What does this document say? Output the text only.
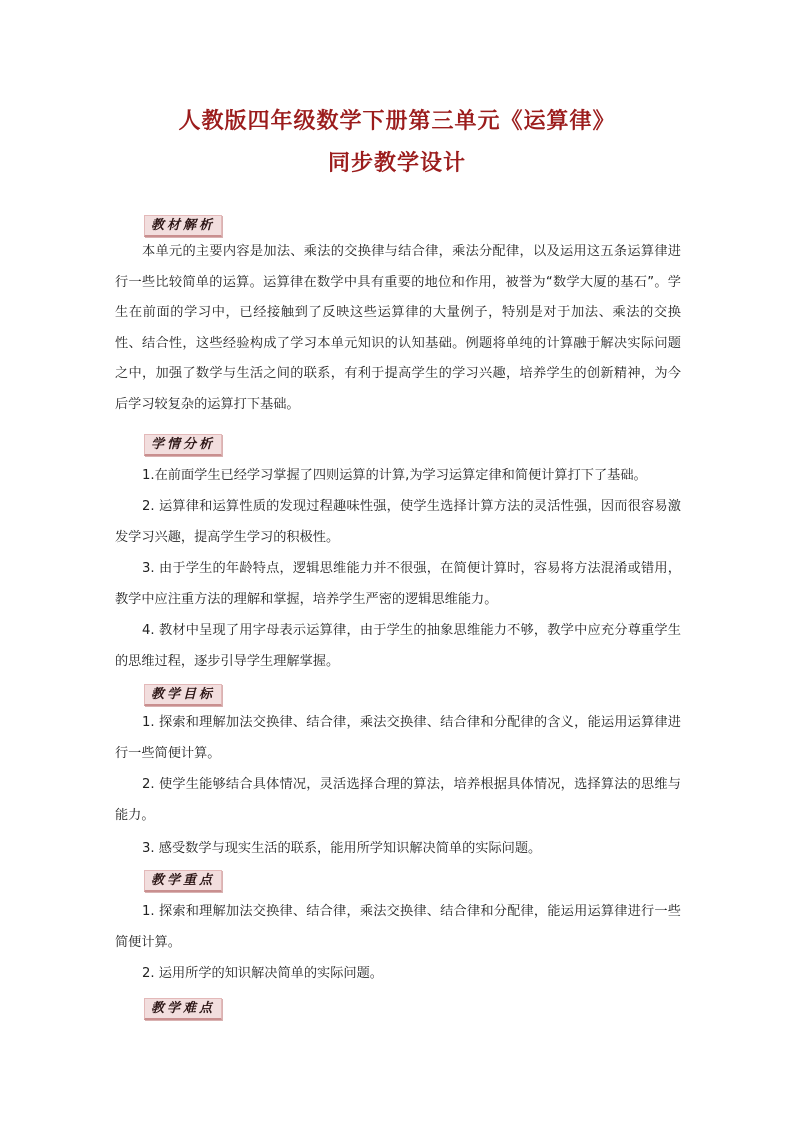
人教版四年级数学下册第三单元《运算律》
同步教学设计
教材解析

本单元的主要内容是加法、乘法的交换律与结合律，乘法分配律，以及运用这五条运算律进行一些比较简单的运算。运算律在数学中具有重要的地位和作用，被誉为“数学大厦的基石”。学生在前面的学习中，已经接触到了反映这些运算律的大量例子，特别是对于加法、乘法的交换性、结合性，这些经验构成了学习本单元知识的认知基础。例题将单纯的计算融于解决实际问题之中，加强了数学与生活之间的联系，有利于提高学生的学习兴趣，培养学生的创新精神，为今后学习较复杂的运算打下基础。

学情分析

1.在前面学生已经学习掌握了四则运算的计算,为学习运算定律和简便计算打下了基础。

2. 运算律和运算性质的发现过程趣味性强，使学生选择计算方法的灵活性强，因而很容易激发学习兴趣，提高学生学习的积极性。

3. 由于学生的年龄特点，逻辑思维能力并不很强，在简便计算时，容易将方法混淆或错用，教学中应注重方法的理解和掌握，培养学生严密的逻辑思维能力。

4. 教材中呈现了用字母表示运算律，由于学生的抽象思维能力不够，教学中应充分尊重学生的思维过程，逐步引导学生理解掌握。

教学目标

1. 探索和理解加法交换律、结合律，乘法交换律、结合律和分配律的含义，能运用运算律进行一些简便计算。

2. 使学生能够结合具体情况，灵活选择合理的算法，培养根据具体情况，选择算法的思维与能力。

3. 感受数学与现实生活的联系，能用所学知识解决简单的实际问题。

教学重点

1. 探索和理解加法交换律、结合律，乘法交换律、结合律和分配律，能运用运算律进行一些简便计算。

2. 运用所学的知识解决简单的实际问题。

教学难点
